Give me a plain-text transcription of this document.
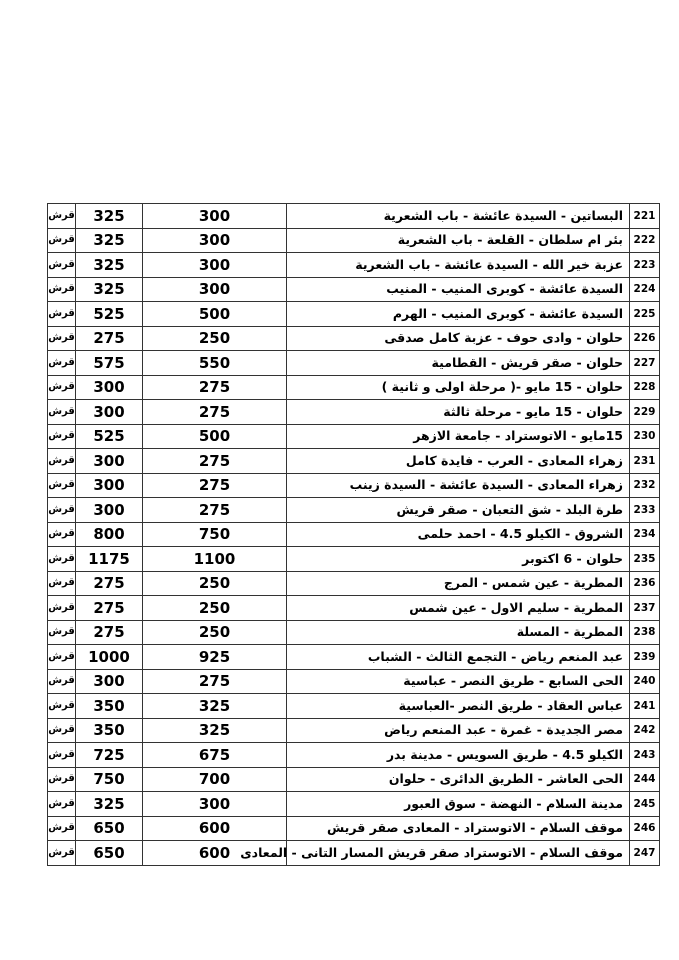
قرش	325	300	البساتين - السيدة عائشة - باب الشعرية	221
قرش	325	300	بئر ام سلطان - القلعة - باب الشعرية	222
قرش	325	300	عزبة خير الله - السيدة عائشة - باب الشعرية	223
قرش	325	300	السيدة عائشة - كوبرى المنيب - المنيب	224
قرش	525	500	السيدة عائشة - كوبرى المنيب - الهرم	225
قرش	275	250	حلوان - وادى حوف - عزبة كامل صدقى	226
قرش	575	550	حلوان - صقر قريش - القطامية	227
قرش	300	275	حلوان - 15 مايو -( مرحلة اولى و ثانية )	228
قرش	300	275	حلوان - 15 مايو - مرحلة ثالثة	229
قرش	525	500	15مايو - الاتوستراد - جامعة الازهر	230
قرش	300	275	زهراء المعادى - العرب - فايدة كامل	231
قرش	300	275	زهراء المعادى - السيدة عائشة - السيدة زينب	232
قرش	300	275	طرة البلد - شق التعبان - صقر قريش	233
قرش	800	750	الشروق - الكيلو 4.5 - احمد حلمى	234
قرش	1175	1100	حلوان - 6 اكتوبر	235
قرش	275	250	المطرية - عين شمس - المرج	236
قرش	275	250	المطرية - سليم الاول - عين شمس	237
قرش	275	250	المطرية - المسلة	238
قرش	1000	925	عبد المنعم رياض - التجمع الثالث - الشباب	239
قرش	300	275	الحى السابع - طريق النصر - عباسية	240
قرش	350	325	عباس العقاد - طريق النصر -العباسية	241
قرش	350	325	مصر الجديدة - غمرة - عبد المنعم رياض	242
قرش	725	675	الكيلو 4.5 - طريق السويس - مدينة بدر	243
قرش	750	700	الحى العاشر - الطريق الدائرى - حلوان	244
قرش	325	300	مدينة السلام - النهضة - سوق العبور	245
قرش	650	600	موقف السلام - الاتوستراد - المعادى صقر قريش	246
قرش	650	600	موقف السلام - الاتوستراد صقر قريش المسار التانى - المعادى	247
